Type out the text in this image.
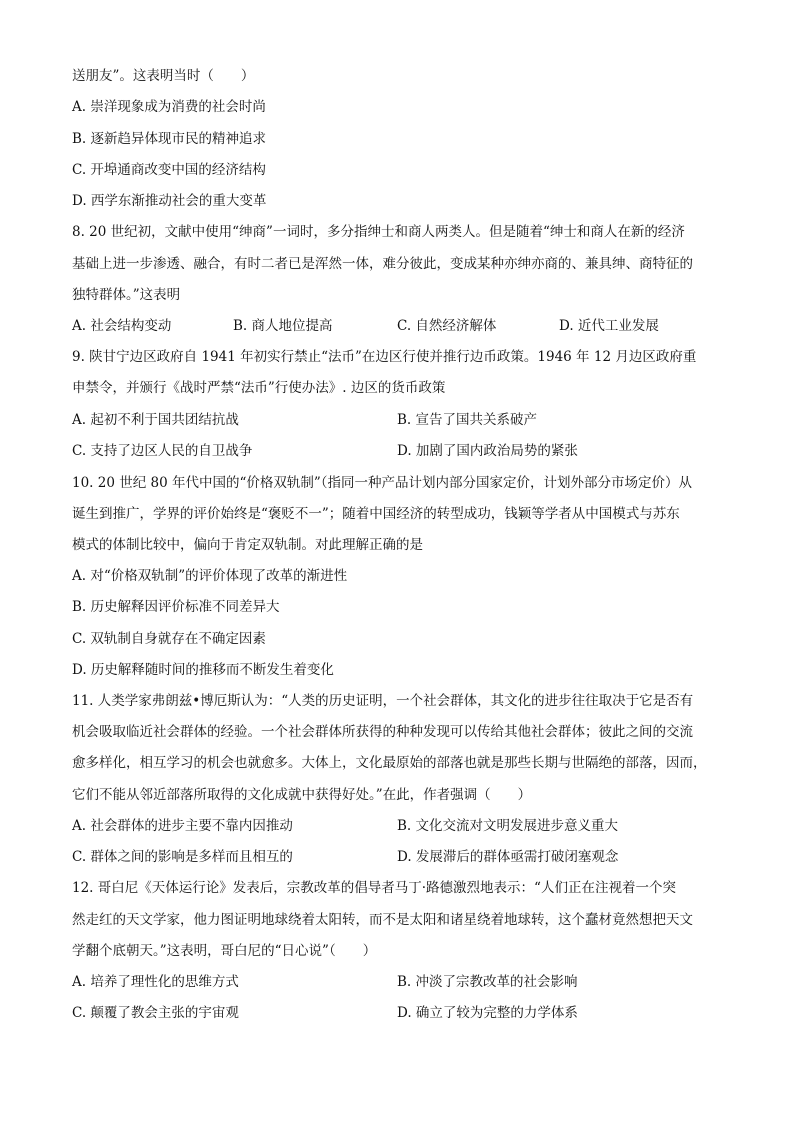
送朋友”。这表明当时（　　）
A. 崇洋现象成为消费的社会时尚
B. 逐新趋异体现市民的精神追求
C. 开埠通商改变中国的经济结构
D. 西学东渐推动社会的重大变革
8. 20 世纪初，文献中使用“绅商”一词时，多分指绅士和商人两类人。但是随着“绅士和商人在新的经济
基础上进一步渗透、融合，有时二者已是浑然一体，难分彼此，变成某种亦绅亦商的、兼具绅、商特征的
独特群体。”这表明
A. 社会结构变动	B. 商人地位提高	C. 自然经济解体	D. 近代工业发展
9. 陕甘宁边区政府自 1941 年初实行禁止“法币”在边区行使并推行边币政策。1946 年 12 月边区政府重
申禁令，并颁行《战时严禁“法币”行使办法》. 边区的货币政策
A. 起初不利于国共团结抗战	B. 宣告了国共关系破产
C. 支持了边区人民的自卫战争	D. 加剧了国内政治局势的紧张
10. 20 世纪 80 年代中国的“价格双轨制”（指同一种产品计划内部分国家定价，计划外部分市场定价）从
诞生到推广，学界的评价始终是“褒贬不一”；随着中国经济的转型成功，钱颖等学者从中国模式与苏东
模式的体制比较中，偏向于肯定双轨制。对此理解正确的是
A. 对“价格双轨制”的评价体现了改革的渐进性
B. 历史解释因评价标准不同差异大
C. 双轨制自身就存在不确定因素
D. 历史解释随时间的推移而不断发生着变化
11. 人类学家弗朗兹•博厄斯认为：“人类的历史证明，一个社会群体，其文化的进步往往取决于它是否有
机会吸取临近社会群体的经验。一个社会群体所获得的种种发现可以传给其他社会群体；彼此之间的交流
愈多样化，相互学习的机会也就愈多。大体上，文化最原始的部落也就是那些长期与世隔绝的部落，因而，
它们不能从邻近部落所取得的文化成就中获得好处。”在此，作者强调（　　）
A. 社会群体的进步主要不靠内因推动	B. 文化交流对文明发展进步意义重大
C. 群体之间的影响是多样而且相互的	D. 发展滞后的群体亟需打破闭塞观念
12. 哥白尼《天体运行论》发表后，宗教改革的倡导者马丁·路德激烈地表示：“人们正在注视着一个突
然走红的天文学家，他力图证明地球绕着太阳转，而不是太阳和诸星绕着地球转，这个蠢材竟然想把天文
学翻个底朝天。”这表明，哥白尼的“日心说”（　　）
A. 培养了理性化的思维方式	B. 冲淡了宗教改革的社会影响
C. 颠覆了教会主张的宇宙观	D. 确立了较为完整的力学体系
